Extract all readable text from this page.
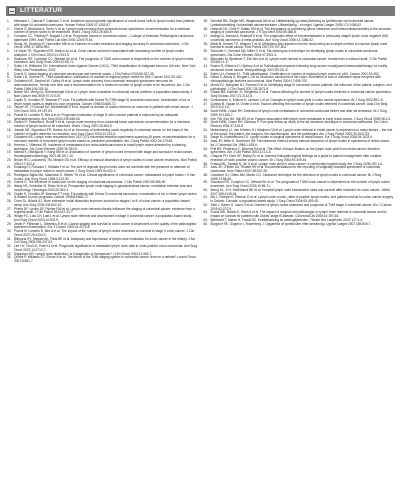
LITTERATUR
1.	Meseanu L, Ciancia F, Carlesini C et al. Incidence and prognostic significance of occult tumor cells in lymph nodes from patients with stage IIA colorectal carcinoma. Human Pathol 2006;37:1253-67.
2.	Cserni G, Bilotonka A, Sreco V et al. Lymph node recovery from colorectal tumor specimens: recommendation for a minimum number of lymph nodes to be examined. World J Surg 2002;26:384-9.
3.	Compton CC, Fielding P, Burgart LJ et al. Prognostic factors in colorectal cancer – College of American Pathologists consensus statement 1999. Arch Pathol Lab Med 2000;124:979-94.
4.	Wong JH, Severino R, Honnebier MB et al. Number of nodes examined and staging accuracy in colorectal carcinoma. J Clin Oncol 1999;17:2896-900.
5.	Le Voyer TE, Sigurdson ER, Hanlon AL et al. Colon cancer survival is associated with increasing number of lymph nodes analyzed. J Clin Oncol 2003;21:2912-9.
6.	Swanson RS, Compton CC, Stewart AK et al. The prognosis of T3N0 colon cancer is dependent on the number of lymph nodes examined. Ann Surg Oncol 2003;10:65-71.
7.	Sobin LH, Wittekind CH. International Union Against Cancer (UICC). TNM classification of malignant tumours, 6th edn. New York: Wiley-Liss Publications, 2002.
8.	Cserni G. Nodal staging of colorectal carcinomas and sentinel nodes. J Clin Pathol 2003;56:327-35.
9.	Sobin LH, Greene FL. TNM classification: clarification of number of regional lymph nodes for pN0. Cancer 2001;92:452.
10. Goldstein NS, Sanford W, Coffey M et al. Lymph node recovery from colorectal resection specimens removed for adenocarcinoma. Trends over time and a recommendation for a minimum number of lymph nodes to be recovered. Am J Clin Pathol 1996;106:209-16.
11. Baxter NN, Virnig DJ, Rothenberger DA et al. Lymph node evaluation in colorectal cancer patients: a population-based study. J Natl Cancer Inst 2005;97:219-25.
12. Caplin S, Cerottini JP, Bosman FT et al. For patients with Dukes' B (TNM stage II) colorectal carcinoma, examination of six or fewer lymph nodes is related to poor prognosis. Cancer 1998;83:666-72.
13. Tepper JE, O'Connell MJ, Niedzwiecki D et al. Impact of number of nodes retrieved on outcome in patients with rectal cancer. J Clin Oncol 2001;19:157-63.
14. Prandi M, Lionetto R, Bini A et al. Prognostic evaluation of stage B colon cancer patients is improved by an adequate lymphadenectomy. Ann Surg 2002;235:458-63.
15. Cianchi F, Palomba A, Boddi V et al. Lymph node recovery from colorectal tumor specimens: recommendation for a minimum number of lymph nodes to be examined. World J Surg 2002;26:384-9.
16. Joseph NE, Sigurdson ER, Hanlon AL et al. Accuracy of determining nodal negativity in colorectal cancer on the basis of the number of nodes retrieved on resection. Ann Surg Oncol 2003;10:213-8.
17. Goldstein NS. Lymph node recoveries from 2427 pT3 colorectal resection specimens spanning 45 years: recommendations for a minimum number of recovered lymph nodes based on predictive probabilities. Am J Surg Pathol 2002;26:179-89.
18. Herrera L, Villarreal JR. Incidence of metastases from rectal adenocarcinoma in small lymph nodes detected by a clearing technique. Dis Colon Rectum 1992;35:783-8.
19. Maeda K, Nishiguchi Y, Kang SM et al. Association of number of lymph nodes removed with stage and survival in rectal cancer. Hepatogastroenterology 2001;48:1017-20.
20. Brown HG, Luckasevic TM, Medich DS et al. Efficacy of manual dissection of lymph nodes in colon cancer resections. Mod Pathol 2004;17:402-6.
21. Kotanagi H, Fukuoka T, Shibata Y et al. The size of regional lymph nodes does not correlate with the presence or absence of metastasis in lymph nodes in rectal cancer. J Surg Oncol 1993;54:252-4.
22. Rodriguez-Bigas MA, Maamoun S, Weber TK et al. Clinical significance of colorectal cancer: metastases in lymph nodes < 5 mm in size. Ann Surg Oncol 1996;3:124-30.
23. Cserni G. The influence of nodal size on the staging of colorectal carcinomas. J Clin Pathol 2002;55:386-90.
24. Wang HS, Schindler M, Ricks W et al. Prospective lymph node staging in gastrointestinal cancer: correlation between size and morphology. Oncologia 2002;25:342-4.
25. Caplin S, Cerottini JP, Bosman FT et al. For patients with Dukes' B colorectal carcinoma, examination of six or fewer lymph nodes is related to poor prognosis. Cancer 1998;83:666-72.
26. Chen SL, Bilchik AJ. More extensive nodal dissection improves survival for stages I to III of colon cancer: a population-based study. Ann Surg 2006;244:602-10.
27. Pheby DF, Levine DF, Pitcher RW et al. Lymph node harvests directly influence the staging of colorectal cancer: evidence from a regional audit. J Clin Pathol 2004;57:43-7.
28. Wright FC, Law CH, Last L et al. Lymph node retrieval and assessment in stage II colorectal cancer: a population-based study. Ann Surg Oncol 2003;10:903-9.
29. Jestin P, Påhlman L, Glimelius B et al. Cancer staging and survival in colon cancer is dependent on the quality of the pathologists' specimen examination. Eur J Cancer 2005;41:2071-8.
30. Prandi M, Lionetto R, Bini A et al. The impact of the number of lymph nodes examined on survival in stage II colon cancer. J Clin Oncol 2007;25:1254-9.
31. Bilimoria KY, Stewart AK, Palis BE et al. Adequacy and importance of lymph node evaluation for colon cancer in the elderly. J Am Coll Surg 2008;206:247-54.
32. Lee HY, Choi HJ, Park KJ et al. Prognostic significance of metastatic lymph node ratio in node-positive colon carcinoma. Ann Surg Oncol 2007;14:1712-7.
33. Sigurdson ER. Lymph node dissection: is it diagnostic or therapeutic? J Clin Oncol 2003;21:965-7.
34. Quirke P, Williams GT, Ectors N et al. The future of the TNM staging system in colorectal cancer: time for a debate? Lancet Oncol 2007;8:651-7.
35. Schmidt RB, Sieger MG, Wagemans AM et al. Utilstrekkelig og ustat påvisning av lymfeknuter ved kolorektal cancer. Lymfeknutetelling i kolorektale cancerresekater. Utilstrekkelig – en regel. Ugeskr Laeger 2005;171:2458-62.
36. Haboubi NY, Clark P, Kaftan SM et al. The importance of combining xylene clearance and immunohistochemistry in the accurate staging of colorectal carcinoma. J R Soc Med 1992;85:386-8.
37. Iddings D, Ahmad A, Elashoff D et al. The prognostic effect of micrometastases in previously staged lymph node negative (N0) colorectal carcinoma: a meta-analysis. Ann Surg Oncol 2006;13:1386-92.
38. Märkl B, Kerwel TG, Wagner T et al. Methylene blue injection into the rectal artery as a simple method to improve lymph node harvest in rectal cancer. Mod Pathol 2007;20:797-801.
39. Schröder C, Schmidt AM, Miller G et al. Fat clearing as a technique for identifying lymph nodes in colorectal carcinoma specimens. Dis Colon Rectum 2004;47:2001-4.
40. Bernstein M, Bjerkeset T, Eik-Nes A et al. Lymph node harvest in colorectal cancer: results from a national audit. J Clin Pathol 2008;61:1-5.
41. Rosen R, Gibbons D, Hjortrup A et al. Pathological response following long-course neoadjuvant chemoradiotherapy for locally advanced rectal cancer. Histopathology 2007;50:101-6.
42. Sobin LH, Greene FL. TNM classification. Clarification of number of regional lymph nodes for pN0. Cancer 2001;92:452.
43. Kakar S, Aksoy S, Burgart LJ et al. Mucinous carcinoma of the colon: correlation of loss of mismatch repair enzymes with clinicopathologic features and survival. Mod Pathol 2004;17:696-700.
44. Morris EJ, Maughan NJ, Forman D et al. Identifying stage III colorectal cancer patients: the influence of the patient, surgeon, and pathologist. J Clin Oncol 2007;25:2573-9.
45. Ostadi MA, Harnish JL, Stegienko S et al. Factors affecting the number of lymph nodes retrieved in colorectal cancer specimens. Surg Endosc 2007;21:2142-6.
46. Gunnarsson U, Edlund H, Larsson L et al. Changes in lymph node yield in colon cancer specimens. Br J Surg 2002;89:1-5.
47. Gumus M, Kapan M, Onder A et al. Factors affecting the number of lymph nodes retrieved in colorectal cancer. Acta Chir Belg 2010;110:1-6.
48. Scott KWM, Grace RH. Detection of lymph node metastases in colorectal carcinoma before and after fat clearance. Br J Surg 1989;76:1165-7.
49. Kim YW, Kim NK, Min BS et al. Factors associated with lymph node metastasis in early rectal cancer. J Surg Oncol 2008;98:1-5.
50. Scott KWM, Grace RH, Gibbons P. Five-year follow-up study of the fat clearance technique in colorectal carcinoma. Dis Colon Rectum 1994;37:126-8.
51. Mekenkamp LJ, van Krieken JH, Marijnen CA et al. Lymph node retrieval in rectal cancer is dependent on many factors – the role of the tumor, the patient, the surgeon, the radiotherapist, and the pathologist. Am J Surg Pathol 2009;33:1547-53.
52. Sarge M, Kwekkeboom DJ. Lymph nodes in surgical specimens of rectal cancer. Eur J Surg Oncol 2008;34:1103-9.
53. Jass JR, Miller K, Northover JM. Fat clearance method versus manual dissection of lymph nodes in specimens of rectal cancer. Int J Colorectal Dis 1986;1:155-6.
54. Pritt BS, Pedersen C, Blomme EA et al. The effect of tissue fixation on the lymph node yield from rectal cancer resection specimens. Am J Clin Pathol 2004;121:1-6.
55. Chapuis PH, Dent OF, Bokey EL et al. Adverse histopathological findings as a guide to patient management after curative resection of node-positive colonic cancer. Br J Surg 2004;91:349-54.
56. Prasad ML, Tanaka N, Jin S et al. Lymph node yield in colon cancer: a community hospital study. Am J Surg 2005;190:1-6.
57. Jass JR, O'Brien MJ, Riddell RH et al. Recommendations for the reporting of surgically resected specimens of colorectal carcinoma. Hum Pathol 2007;38:537-45.
58. Cawthorn SJ, Gibbs NM, Marks CG. Clearance technique for the detection of lymph nodes in colorectal cancer. Br J Surg 1986;73:58-60.
59. Swanson RS, Compton CC, Stewart AK et al. The prognosis of T3N0 colon cancer is dependent on the number of lymph nodes examined. Ann Surg Oncol 2003;10:65-71.
60. Wong SL, Ji H, Hollenbeck BK et al. Hospital lymph node examination rates and survival after resection for colon cancer. JAMA 2007;298:2149-54.
61. Bui L, Rempel E, Reeson D et al. Lymph node counts, rates of positive lymph nodes, and patient survival for colon cancer surgery in Ontario, Canada: a population-based study. J Surg Oncol 2006;93:439-45.
62. Sarli L, Bader G, Iusco D et al. Number of lymph nodes examined and prognosis of TNM stage II colorectal cancer. Eur J Cancer 2005;41:272-9.
63. Evans MD, Barton K, Rees A et al. The impact of surgeon and pathologist on lymph node retrieval in colorectal cancer and its impact on survival for patients with Dukes' stage B disease. Colorectal Dis 2008;10:157-64.
64. Bjerkeset T, Mørch H, Fosså SD. Kvalitetssikring av patologitjenesten. Tidsskr Nor Lægeforen 2007;127:1-4.
65. Burgdorf SK, Gögenur I, Rosenberg J. Opgørelse af lymfeknuter efter tarmkirurgi. Ugeskr Laeger 2007;169:809-7.
